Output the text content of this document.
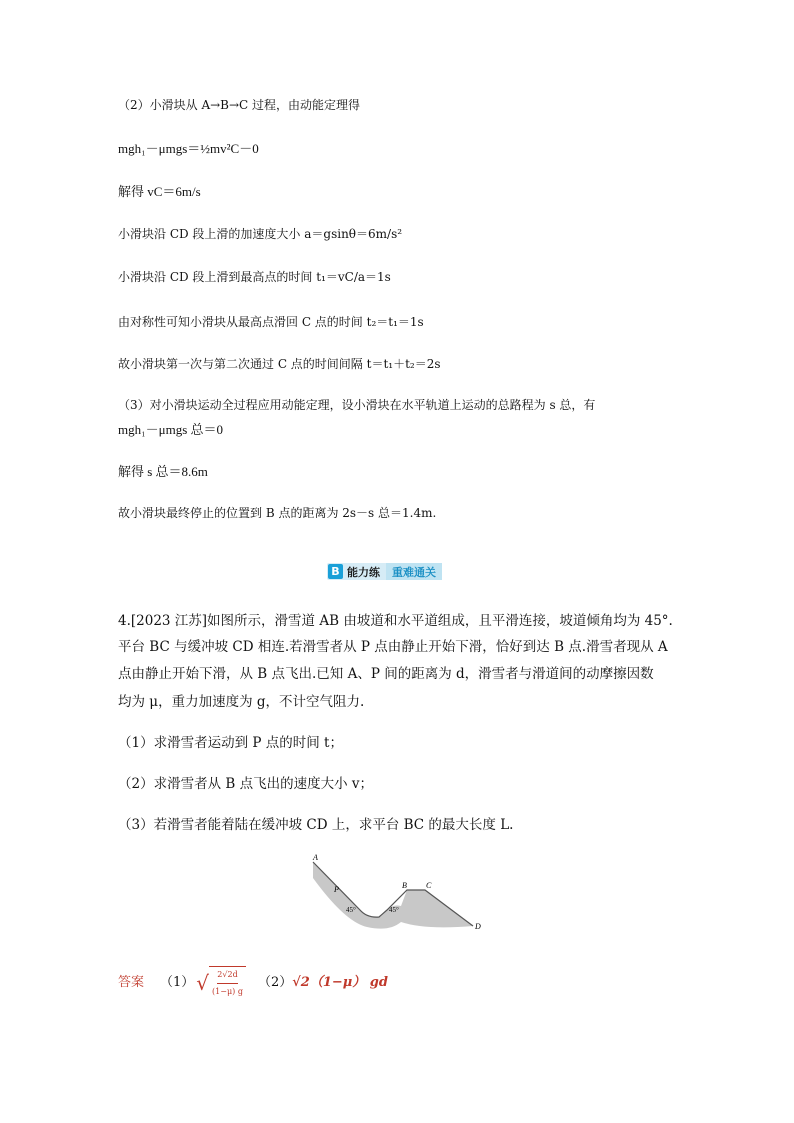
（2）小滑块从 A→B→C 过程，由动能定理得
mgh₁－μmgs＝½mv²C－0
解得 vC＝6m/s
小滑块沿 CD 段上滑的加速度大小 a＝gsinθ＝6m/s²
小滑块沿 CD 段上滑到最高点的时间 t₁＝vC/a＝1s
由对称性可知小滑块从最高点滑回 C 点的时间 t₂＝t₁＝1s
故小滑块第一次与第二次通过 C 点的时间间隔 t＝t₁＋t₂＝2s
（3）对小滑块运动全过程应用动能定理，设小滑块在水平轨道上运动的总路程为 s 总，有
mgh₁－μmgs 总＝0
解得 s 总＝8.6m
故小滑块最终停止的位置到 B 点的距离为 2s－s 总＝1.4m.
B 能力练	重难通关
4.[2023 江苏]如图所示，滑雪道 AB 由坡道和水平道组成，且平滑连接，坡道倾角均为 45°.
平台 BC 与缓冲坡 CD 相连.若滑雪者从 P 点由静止开始下滑，恰好到达 B 点.滑雪者现从 A
点由静止开始下滑，从 B 点飞出.已知 A、P 间的距离为 d，滑雪者与滑道间的动摩擦因数
均为 μ，重力加速度为 g，不计空气阻力.
（1）求滑雪者运动到 P 点的时间 t；
（2）求滑雪者从 B 点飞出的速度大小 v；
（3）若滑雪者能着陆在缓冲坡 CD 上，求平台 BC 的最大长度 L.
A
P	B C
D
45°	45°
答案 （1） √ $\frac{2√2d}{(1-\mu) g} (2)$ √2（1−μ） gd
